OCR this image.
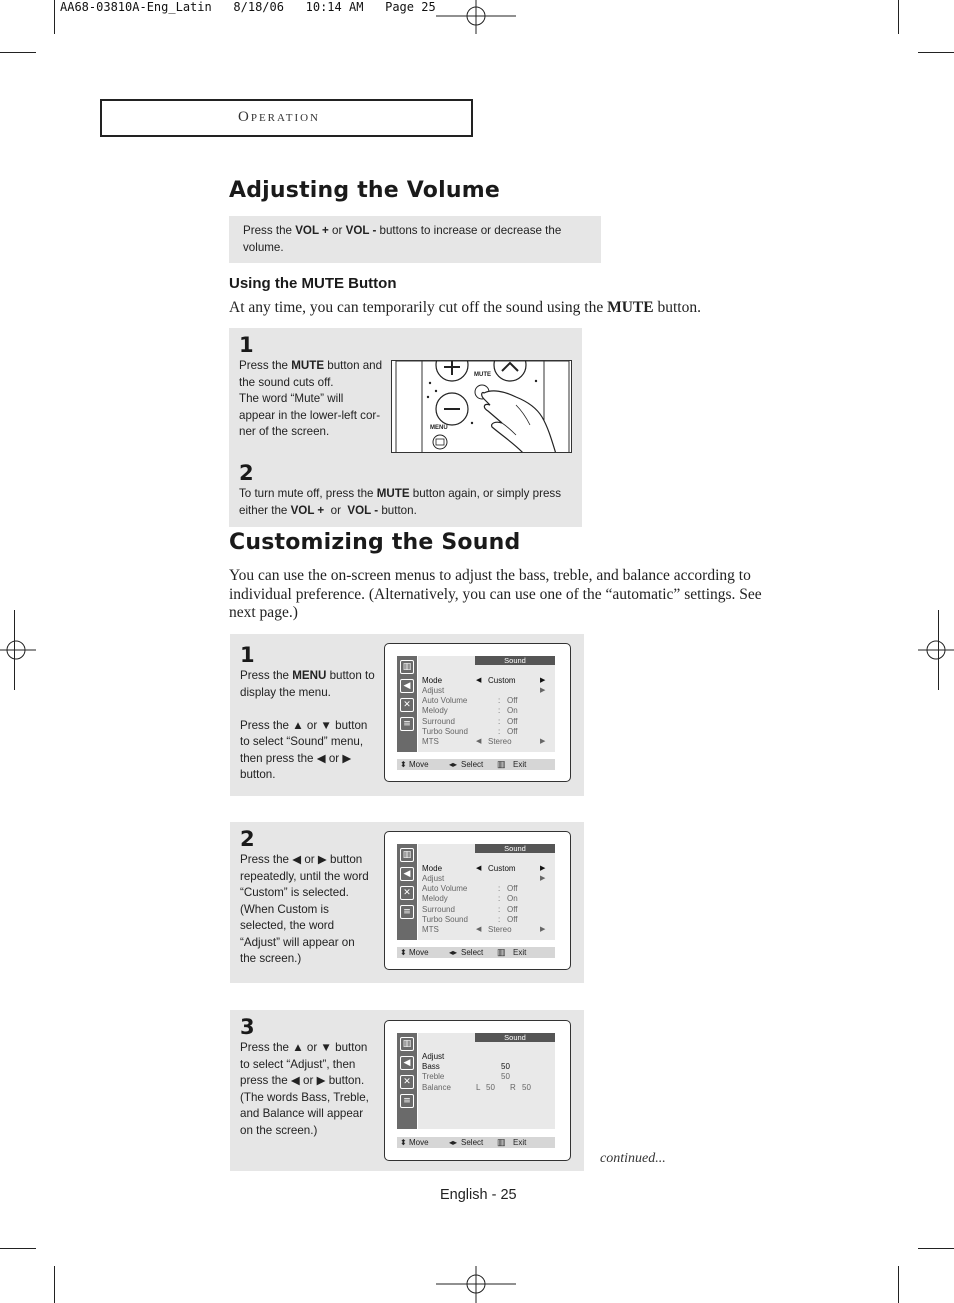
AA68-03810A-Eng_Latin   8/18/06   10:14 AM   Page 25
Operation
Adjusting the Volume
Press the VOL + or VOL - buttons to increase or decrease the
volume.
Using the MUTE Button
At any time, you can temporarily cut off the sound using the MUTE button.
1
Press the MUTE button and
the sound cuts off.
The word “Mute” will
appear in the lower-left cor-
ner of the screen.
MUTE
MENU
2
To turn mute off, press the MUTE button again, or simply press
either the VOL +  or  VOL - button.
Customizing the Sound
You can use the on-screen menus to adjust the bass, treble, and balance according to
individual preference. (Alternatively, you can use one of the “automatic” settings. See
next page.)
1
Press the MENU button to
display the menu.

Press the ▲ or ▼ button
to select “Sound” menu,
then press the ◀ or ▶
button.
▥
◀
✕
≡
Sound
Mode	◀ Custom	▶
Adjust	▶
Auto Volume	: Off
Melody	: On
Surround	: Off
Turbo Sound	: Off
MTS	◀ Stereo	▶
⬍ Move	◂▸ Select ▥ Exit
2
Press the ◀ or ▶ button
repeatedly, until the word
“Custom” is selected.
(When Custom is
selected, the word
“Adjust” will appear on
the screen.)
▥
◀
✕
≡
Sound
Mode	◀ Custom	▶
Adjust	▶
Auto Volume	: Off
Melody	: On
Surround	: Off
Turbo Sound	: Off
MTS	◀ Stereo	▶
⬍ Move	◂▸ Select ▥ Exit
3
Press the ▲ or ▼ button
to select “Adjust”, then
press the ◀ or ▶ button.
(The words Bass, Treble,
and Balance will appear
on the screen.)
▥
◀
✕
≡
Sound
Adjust
Bass	50
Treble	50
Balance	L 50 R 50
⬍ Move	◂▸ Select ▥ Exit
continued...
English - 25
